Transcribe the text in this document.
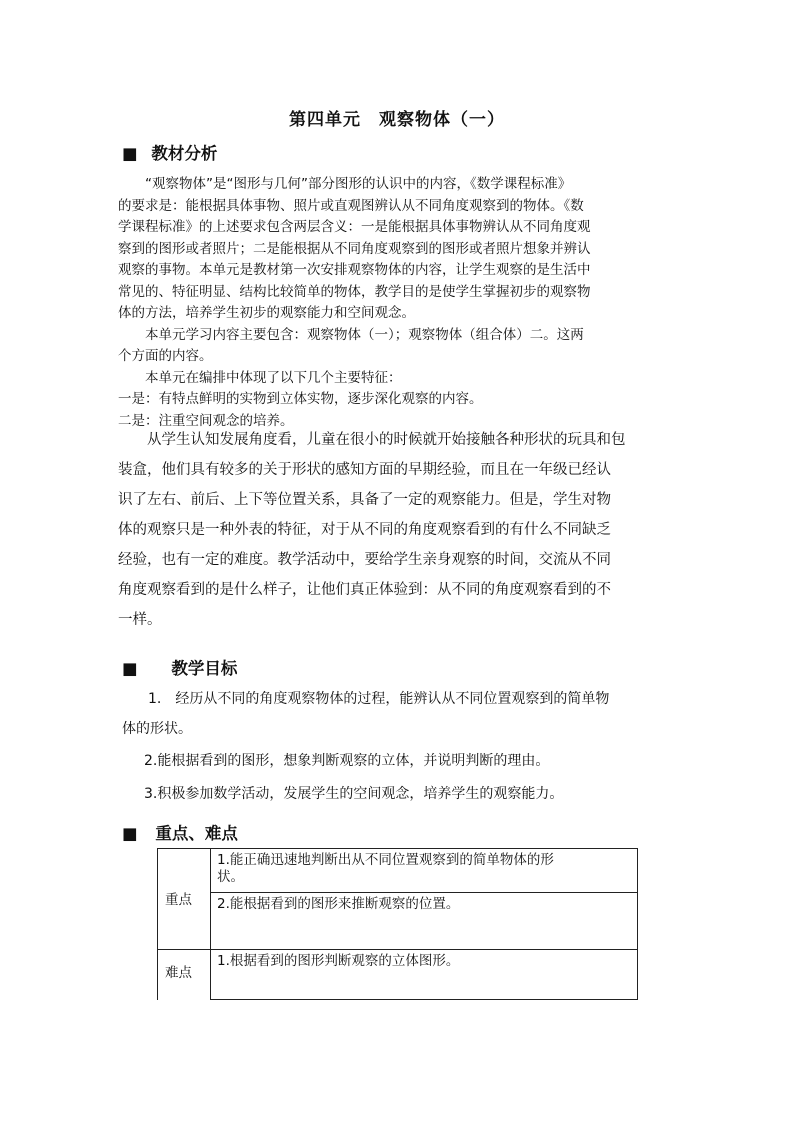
第四单元　观察物体（一）
■ 教材分析

　　“观察物体”是“图形与几何”部分图形的认识中的内容，《数学课程标准》

的要求是：能根据具体事物、照片或直观图辨认从不同角度观察到的物体。《数

学课程标准》的上述要求包含两层含义：一是能根据具体事物辨认从不同角度观

察到的图形或者照片；二是能根据从不同角度观察到的图形或者照片想象并辨认

观察的事物。本单元是教材第一次安排观察物体的内容，让学生观察的是生活中

常见的、特征明显、结构比较简单的物体，教学目的是使学生掌握初步的观察物

体的方法，培养学生初步的观察能力和空间观念。

　　本单元学习内容主要包含：观察物体（一）；观察物体（组合体）二。这两

个方面的内容。

　　本单元在编排中体现了以下几个主要特征：

一是：有特点鲜明的实物到立体实物，逐步深化观察的内容。

二是：注重空间观念的培养。

　　从学生认知发展角度看，儿童在很小的时候就开始接触各种形状的玩具和包

装盒，他们具有较多的关于形状的感知方面的早期经验，而且在一年级已经认

识了左右、前后、上下等位置关系，具备了一定的观察能力。但是，学生对物

体的观察只是一种外表的特征，对于从不同的角度观察看到的有什么不同缺乏

经验，也有一定的难度。教学活动中，要给学生亲身观察的时间，交流从不同

角度观察看到的是什么样子，让他们真正体验到：从不同的角度观察看到的不

一样。

■ 教学目标

1.　经历从不同的角度观察物体的过程，能辨认从不同位置观察到的简单物

体的形状。

2.能根据看到的图形，想象判断观察的立体，并说明判断的理由。

3.积极参加数学活动，发展学生的空间观念，培养学生的观察能力。

■ 重点、难点
重点
1.能正确迅速地判断出从不同位置观察到的简单物体的形
状。
2.能根据看到的图形来推断观察的位置。
难点
1.根据看到的图形判断观察的立体图形。
